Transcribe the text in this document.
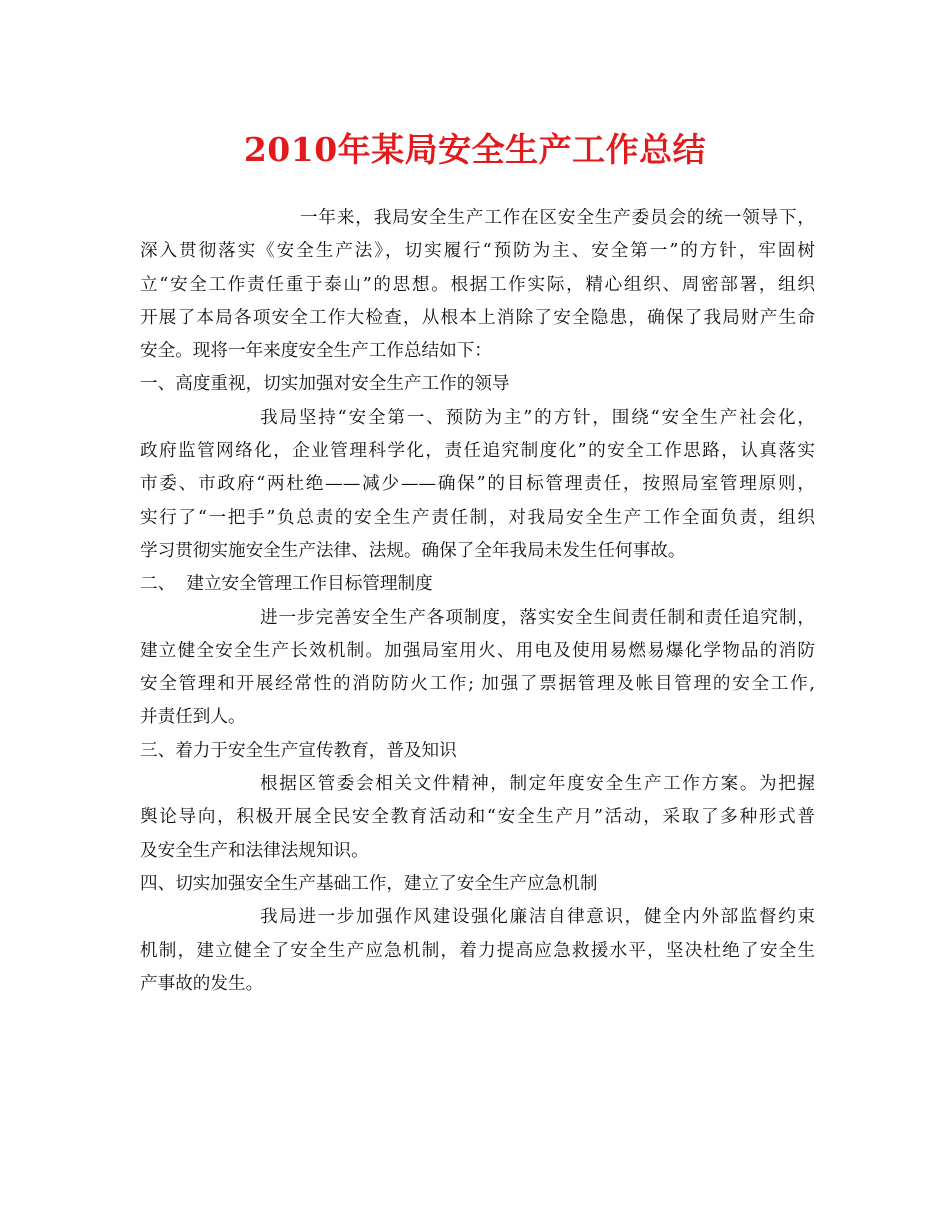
2010年某局安全生产工作总结
一年来，我局安全生产工作在区安全生产委员会的统一领导下，
深入贯彻落实《安全生产法》，切实履行“预防为主、安全第一”的方针，牢固树
立“安全工作责任重于泰山”的思想。根据工作实际，精心组织、周密部署，组织
开展了本局各项安全工作大检查，从根本上消除了安全隐患，确保了我局财产生命
安全。现将一年来度安全生产工作总结如下：
一、高度重视，切实加强对安全生产工作的领导
我局坚持“安全第一、预防为主”的方针，围绕“安全生产社会化，
政府监管网络化，企业管理科学化，责任追究制度化”的安全工作思路，认真落实
市委、市政府“两杜绝——减少——确保”的目标管理责任，按照局室管理原则，
实行了“一把手”负总责的安全生产责任制，对我局安全生产工作全面负责，组织
学习贯彻实施安全生产法律、法规。确保了全年我局未发生任何事故。
二、  建立安全管理工作目标管理制度
进一步完善安全生产各项制度，落实安全生间责任制和责任追究制，
建立健全安全生产长效机制。加强局室用火、用电及使用易燃易爆化学物品的消防
安全管理和开展经常性的消防防火工作; 加强了票据管理及帐目管理的安全工作,
并责任到人。
三、着力于安全生产宣传教育，普及知识
根据区管委会相关文件精神，制定年度安全生产工作方案。为把握
舆论导向，积极开展全民安全教育活动和“安全生产月”活动，采取了多种形式普
及安全生产和法律法规知识。
四、切实加强安全生产基础工作，建立了安全生产应急机制
我局进一步加强作风建设强化廉洁自律意识，健全内外部监督约束
机制，建立健全了安全生产应急机制，着力提高应急救援水平，坚决杜绝了安全生
产事故的发生。
